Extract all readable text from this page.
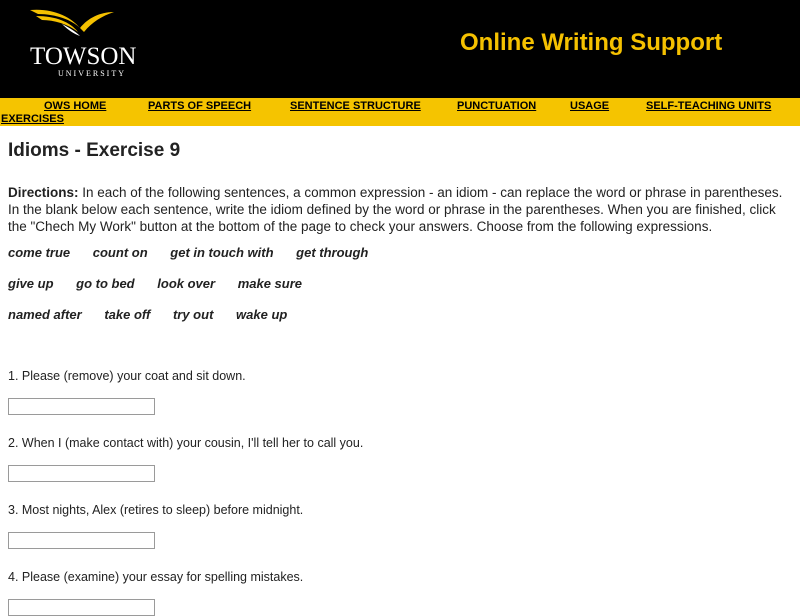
TOWSON
UNIVERSITY
Online Writing Support
OWS HOME	PARTS OF SPEECH	SENTENCE STRUCTURE	PUNCTUATION	USAGE	SELF-TEACHING UNITS
EXERCISES
Idioms - Exercise 9

Directions: In each of the following sentences, a common expression - an idiom - can replace the word or phrase in parentheses. In the blank below each sentence, write the idiom defined by the word or phrase in the parentheses. When you are finished, click the "Chech My Work" button at the bottom of the page to check your answers. Choose from the following expressions.

come true count on get in touch with get through

give up go to bed look over make sure

named after take off try out wake up

1. Please (remove) your coat and sit down.

2. When I (make contact with) your cousin, I'll tell her to call you.

3. Most nights, Alex (retires to sleep) before midnight.

4. Please (examine) your essay for spelling mistakes.
